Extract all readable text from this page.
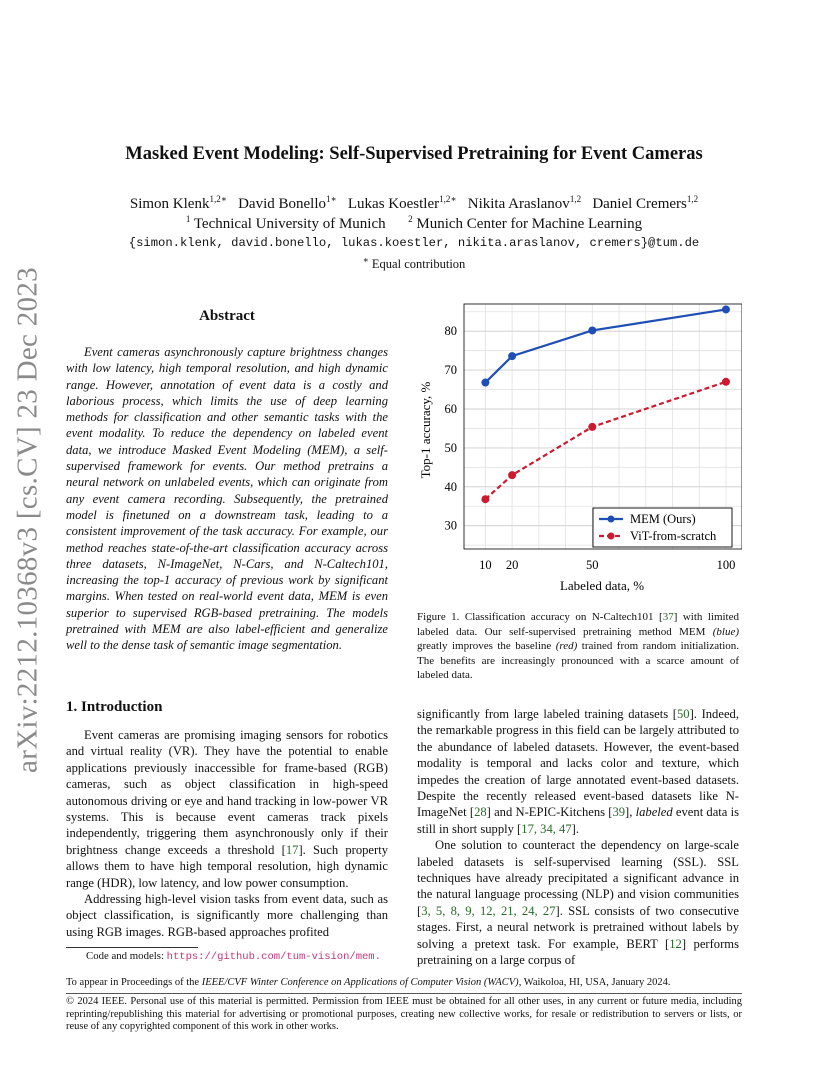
arXiv:2212.10368v3 [cs.CV] 23 Dec 2023
Masked Event Modeling: Self-Supervised Pretraining for Event Cameras
Simon Klenk$^{1,2∗}$ David Bonello$^{1∗}$ Lukas Koestler$^{1,2∗}$ Nikita Araslanov$^{1,2}$ Daniel Cremers$^{1,2}$
$^1$ Technical University of Munich	$^2$ Munich Center for Machine Learning
{simon.klenk, david.bonello, lukas.koestler, nikita.araslanov, cremers}@tum.de
∗ Equal contribution
Abstract
Event cameras asynchronously capture brightness changes with low latency, high temporal resolution, and high dynamic range. However, annotation of event data is a costly and laborious process, which limits the use of deep learning methods for classification and other semantic tasks with the event modality. To reduce the dependency on labeled event data, we introduce Masked Event Modeling (MEM), a self-supervised framework for events. Our method pretrains a neural network on unlabeled events, which can originate from any event camera recording. Subsequently, the pretrained model is finetuned on a downstream task, leading to a consistent improvement of the task accuracy. For example, our method reaches state-of-the-art classification accuracy across three datasets, N-ImageNet, N-Cars, and N-Caltech101, increasing the top-1 accuracy of previous work by significant margins. When tested on real-world event data, MEM is even superior to supervised RGB-based pretraining. The models pretrained with MEM are also label-efficient and generalize well to the dense task of semantic image segmentation.
1. Introduction

Event cameras are promising imaging sensors for robotics and virtual reality (VR). They have the potential to enable applications previously inaccessible for frame-based (RGB) cameras, such as object classification in high-speed autonomous driving or eye and hand tracking in low-power VR systems. This is because event cameras track pixels independently, triggering them asynchronously only if their brightness change exceeds a threshold [17]. Such property allows them to have high temporal resolution, high dynamic range (HDR), low latency, and low power consumption.

Addressing high-level vision tasks from event data, such as object classification, is significantly more challenging than using RGB images. RGB-based approaches profited

Code and models: https://github.com/tum-vision/mem.

significantly from large labeled training datasets [50]. Indeed, the remarkable progress in this field can be largely attributed to the abundance of labeled datasets. However, the event-based modality is temporal and lacks color and texture, which impedes the creation of large annotated event-based datasets. Despite the recently released event-based datasets like N-ImageNet [28] and N-EPIC-Kitchens [39], labeled event data is still in short supply [17, 34, 47].

One solution to counteract the dependency on large-scale labeled datasets is self-supervised learning (SSL). SSL techniques have already precipitated a significant advance in the natural language processing (NLP) and vision communities [3, 5, 8, 9, 12, 21, 24, 27]. SSL consists of two consecutive stages. First, a neural network is pretrained without labels by solving a pretext task. For example, BERT [12] performs pretraining on a large corpus of

30
40
50
60
70
80
10 20	50	100
Labeled data, %
Top-1 accuracy, %
MEM (Ours)
ViT-from-scratch
Figure 1. Classification accuracy on N-Caltech101 [37] with limited labeled data. Our self-supervised pretraining method MEM (blue) greatly improves the baseline (red) trained from random initialization. The benefits are increasingly pronounced with a scarce amount of labeled data.
To appear in Proceedings of the IEEE/CVF Winter Conference on Applications of Computer Vision (WACV), Waikoloa, HI, USA, January 2024.
© 2024 IEEE. Personal use of this material is permitted. Permission from IEEE must be obtained for all other uses, in any current or future media, including reprinting/republishing this material for advertising or promotional purposes, creating new collective works, for resale or redistribution to servers or lists, or reuse of any copyrighted component of this work in other works.
